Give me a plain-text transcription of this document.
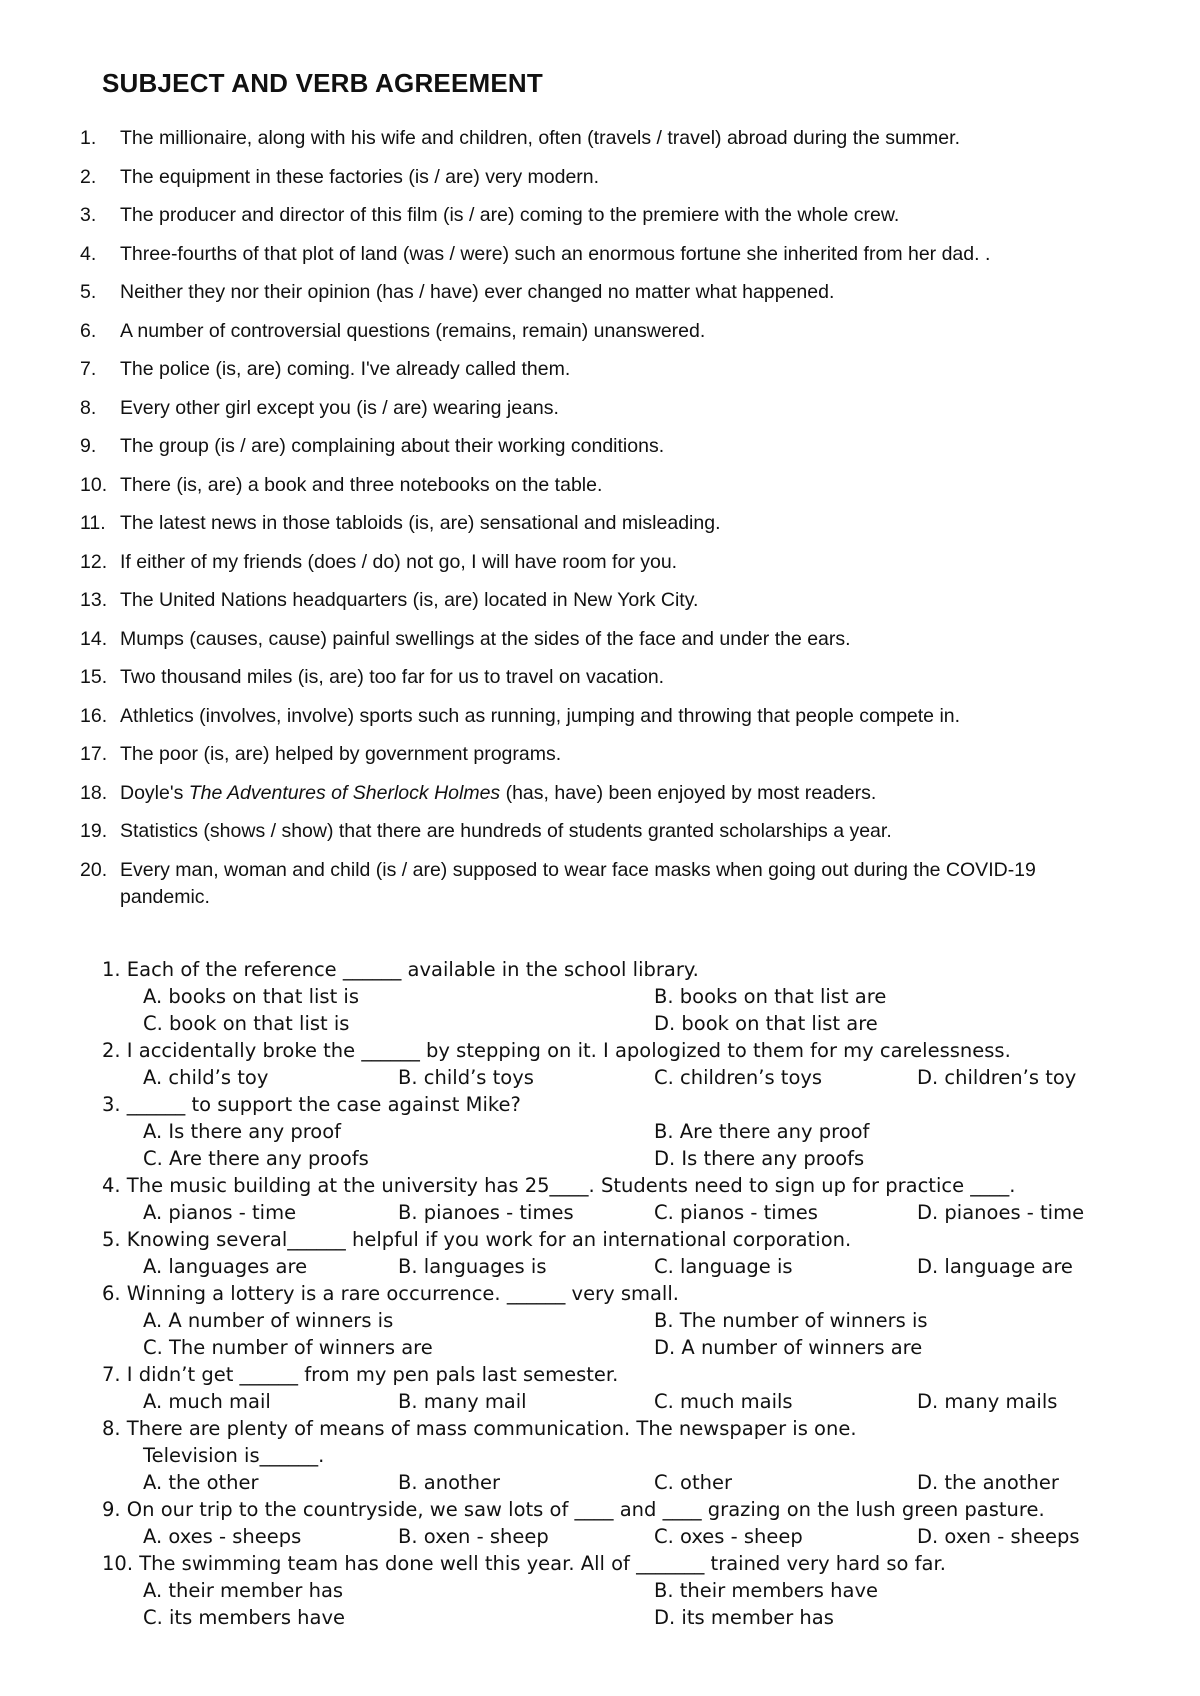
SUBJECT AND VERB AGREEMENT
1.	The millionaire, along with his wife and children, often (travels / travel) abroad during the summer.
2.	The equipment in these factories (is / are) very modern.
3.	The producer and director of this film (is / are) coming to the premiere with the whole crew.
4.	Three-fourths of that plot of land (was / were) such an enormous fortune she inherited from her dad. .
5.	Neither they nor their opinion (has / have) ever changed no matter what happened.
6.	A number of controversial questions (remains, remain) unanswered.
7.	The police (is, are) coming. I've already called them.
8.	Every other girl except you (is / are) wearing jeans.
9.	The group (is / are) complaining about their working conditions.
10. There (is, are) a book and three notebooks on the table.
11. The latest news in those tabloids (is, are) sensational and misleading.
12. If either of my friends (does / do) not go, I will have room for you.
13. The United Nations headquarters (is, are) located in New York City.
14. Mumps (causes, cause) painful swellings at the sides of the face and under the ears.
15. Two thousand miles (is, are) too far for us to travel on vacation.
16. Athletics (involves, involve) sports such as running, jumping and throwing that people compete in.
17. The poor (is, are) helped by government programs.
18. Doyle's The Adventures of Sherlock Holmes (has, have) been enjoyed by most readers.
19. Statistics (shows / show) that there are hundreds of students granted scholarships a year.
20. Every man, woman and child (is / are) supposed to wear face masks when going out during the COVID-19 pandemic.
1. Each of the reference ______ available in the school library.
A. books on that list is	B. books on that list are
C. book on that list is	D. book on that list are
2. I accidentally broke the ______ by stepping on it. I apologized to them for my carelessness.
A. child’s toy	B. child’s toys	C. children’s toys	D. children’s toy
3. ______ to support the case against Mike?
A. Is there any proof	B. Are there any proof
C. Are there any proofs	D. Is there any proofs
4. The music building at the university has 25____. Students need to sign up for practice ____.
A. pianos - time	B. pianoes - times	C. pianos - times	D. pianoes - time
5. Knowing several______ helpful if you work for an international corporation.
A. languages are	B. languages is	C. language is	D. language are
6. Winning a lottery is a rare occurrence. ______ very small.
A. A number of winners is	B. The number of winners is
C. The number of winners are	D. A number of winners are
7. I didn’t get ______ from my pen pals last semester.
A. much mail	B. many mail	C. much mails	D. many mails
8. There are plenty of means of mass communication. The newspaper is one.
Television is______.
A. the other	B. another	C. other	D. the another
9. On our trip to the countryside, we saw lots of ____ and ____ grazing on the lush green pasture.
A. oxes - sheeps	B. oxen - sheep	C. oxes - sheep	D. oxen - sheeps
10. The swimming team has done well this year. All of _______ trained very hard so far.
A. their member has	B. their members have
C. its members have	D. its member has
